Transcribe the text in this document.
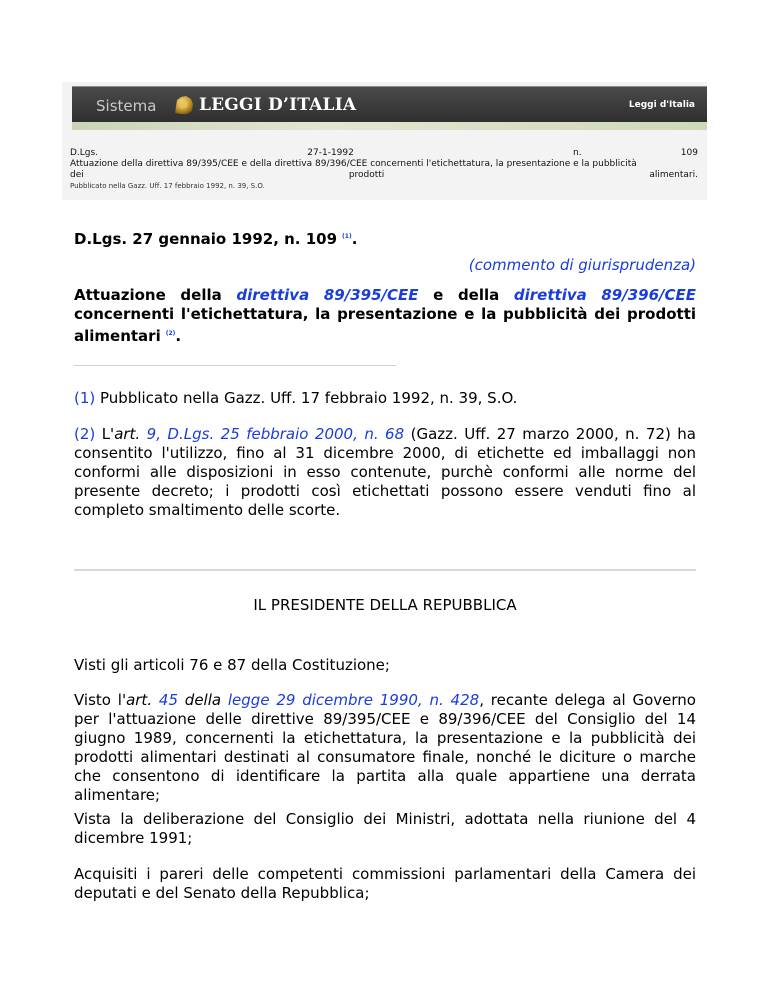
Sistema	LEGGI D’ITALIA	Leggi d'Italia
D.Lgs.	27-1-1992	n.	109
Attuazione della direttiva 89/395/CEE e della direttiva 89/396/CEE concernenti l'etichettatura, la presentazione e la pubblicità
dei	prodotti	alimentari.
Pubblicato nella Gazz. Uff. 17 febbraio 1992, n. 39, S.O.
D.Lgs. 27 gennaio 1992, n. 109 $^{(1)}$.
(commento di giurisprudenza)
Attuazione della direttiva 89/395/CEE e della direttiva 89/396/CEE concernenti l'etichettatura, la presentazione e la pubblicità dei prodotti alimentari $^{(2)}$.
(1) Pubblicato nella Gazz. Uff. 17 febbraio 1992, n. 39, S.O.
(2) L'art. 9, D.Lgs. 25 febbraio 2000, n. 68 (Gazz. Uff. 27 marzo 2000, n. 72) ha consentito l'utilizzo, fino al 31 dicembre 2000, di etichette ed imballaggi non conformi alle disposizioni in esso contenute, purchè conformi alle norme del presente decreto; i prodotti così etichettati possono essere venduti fino al completo smaltimento delle scorte.
IL PRESIDENTE DELLA REPUBBLICA
Visti gli articoli 76 e 87 della Costituzione;
Visto l'art. 45 della legge 29 dicembre 1990, n. 428, recante delega al Governo per l'attuazione delle direttive 89/395/CEE e 89/396/CEE del Consiglio del 14 giugno 1989, concernenti la etichettatura, la presentazione e la pubblicità dei prodotti alimentari destinati al consumatore finale, nonché le diciture o marche che consentono di identificare la partita alla quale appartiene una derrata alimentare;
Vista la deliberazione del Consiglio dei Ministri, adottata nella riunione del 4 dicembre 1991;
Acquisiti i pareri delle competenti commissioni parlamentari della Camera dei deputati e del Senato della Repubblica;
